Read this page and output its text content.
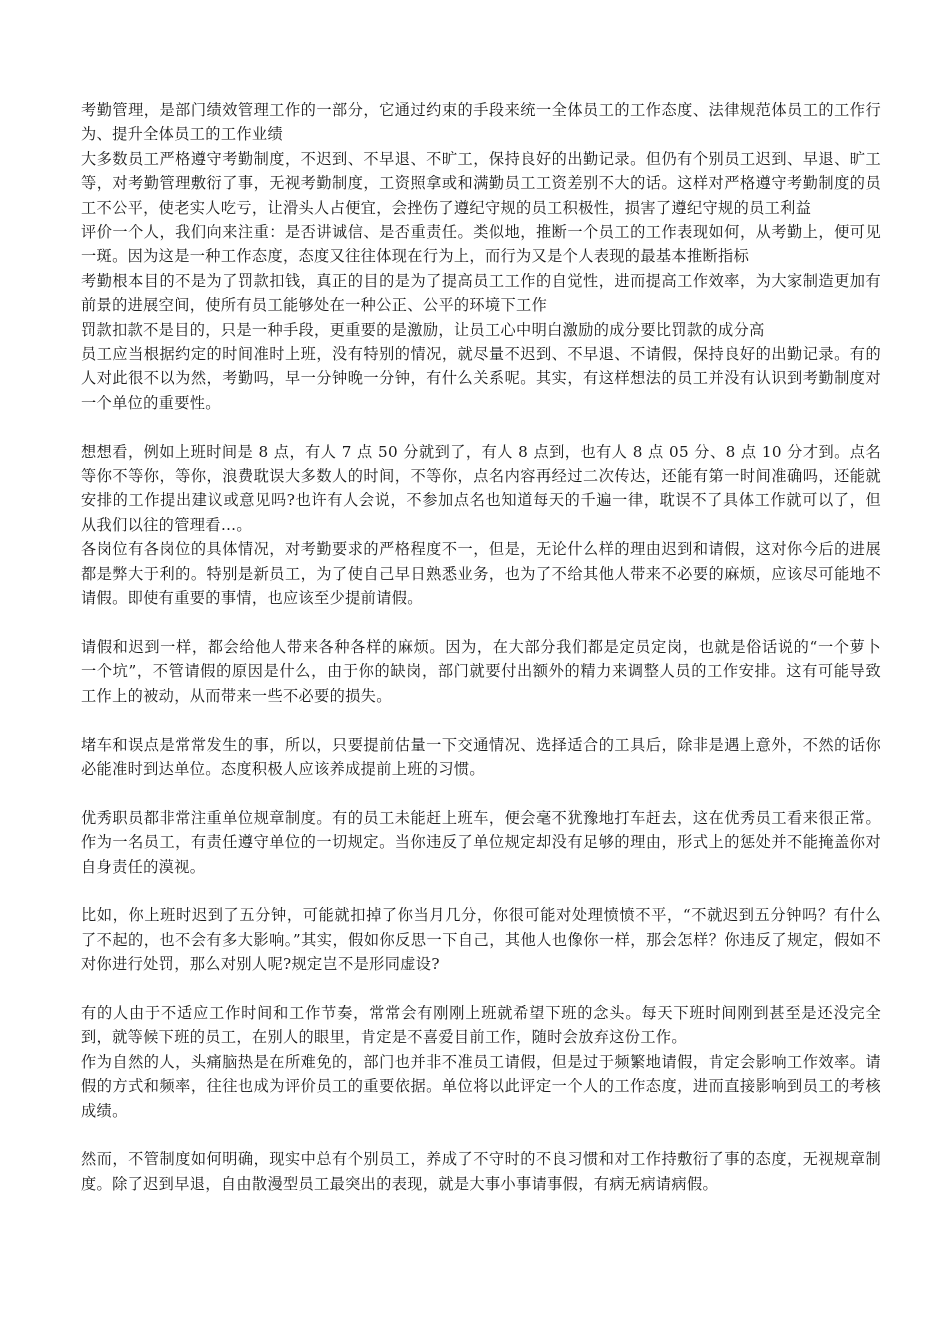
考勤管理，是部门绩效管理工作的一部分，它通过约束的手段来统一全体员工的工作态度、法律规范体员工的工作行为、提升全体员工的工作业绩

大多数员工严格遵守考勤制度，不迟到、不早退、不旷工，保持良好的出勤记录。但仍有个别员工迟到、早退、旷工等，对考勤管理敷衍了事，无视考勤制度，工资照拿或和满勤员工工资差别不大的话。这样对严格遵守考勤制度的员工不公平，使老实人吃亏，让滑头人占便宜，会挫伤了遵纪守规的员工积极性，损害了遵纪守规的员工利益

评价一个人，我们向来注重：是否讲诚信、是否重责任。类似地，推断一个员工的工作表现如何，从考勤上，便可见一斑。因为这是一种工作态度，态度又往往体现在行为上，而行为又是个人表现的最基本推断指标

考勤根本目的不是为了罚款扣钱，真正的目的是为了提高员工工作的自觉性，进而提高工作效率，为大家制造更加有前景的进展空间，使所有员工能够处在一种公正、公平的环境下工作

罚款扣款不是目的，只是一种手段，更重要的是激励，让员工心中明白激励的成分要比罚款的成分高

员工应当根据约定的时间准时上班，没有特别的情况，就尽量不迟到、不早退、不请假，保持良好的出勤记录。有的人对此很不以为然，考勤吗，早一分钟晚一分钟，有什么关系呢。其实，有这样想法的员工并没有认识到考勤制度对一个单位的重要性。

想想看，例如上班时间是 8 点，有人 7 点 50 分就到了，有人 8 点到，也有人 8 点 05 分、8 点 10 分才到。点名等你不等你，等你，浪费耽误大多数人的时间，不等你，点名内容再经过二次传达，还能有第一时间准确吗，还能就安排的工作提出建议或意见吗?也许有人会说，不参加点名也知道每天的千遍一律，耽误不了具体工作就可以了，但从我们以往的管理看…。

各岗位有各岗位的具体情况，对考勤要求的严格程度不一，但是，无论什么样的理由迟到和请假，这对你今后的进展都是弊大于利的。特别是新员工，为了使自己早日熟悉业务，也为了不给其他人带来不必要的麻烦，应该尽可能地不请假。即使有重要的事情，也应该至少提前请假。

请假和迟到一样，都会给他人带来各种各样的麻烦。因为，在大部分我们都是定员定岗，也就是俗话说的“一个萝卜一个坑”，不管请假的原因是什么，由于你的缺岗，部门就要付出额外的精力来调整人员的工作安排。这有可能导致工作上的被动，从而带来一些不必要的损失。

堵车和误点是常常发生的事，所以，只要提前估量一下交通情况、选择适合的工具后，除非是遇上意外，不然的话你必能准时到达单位。态度积极人应该养成提前上班的习惯。

优秀职员都非常注重单位规章制度。有的员工未能赶上班车，便会毫不犹豫地打车赶去，这在优秀员工看来很正常。作为一名员工，有责任遵守单位的一切规定。当你违反了单位规定却没有足够的理由，形式上的惩处并不能掩盖你对自身责任的漠视。

比如，你上班时迟到了五分钟，可能就扣掉了你当月几分，你很可能对处理愤愤不平，“不就迟到五分钟吗？有什么了不起的，也不会有多大影响。”其实，假如你反思一下自己，其他人也像你一样，那会怎样？你违反了规定，假如不对你进行处罚，那么对别人呢?规定岂不是形同虚设?

有的人由于不适应工作时间和工作节奏，常常会有刚刚上班就希望下班的念头。每天下班时间刚到甚至是还没完全到，就等候下班的员工，在别人的眼里，肯定是不喜爱目前工作，随时会放弃这份工作。

作为自然的人，头痛脑热是在所难免的，部门也并非不准员工请假，但是过于频繁地请假，肯定会影响工作效率。请假的方式和频率，往往也成为评价员工的重要依据。单位将以此评定一个人的工作态度，进而直接影响到员工的考核成绩。

然而，不管制度如何明确，现实中总有个别员工，养成了不守时的不良习惯和对工作持敷衍了事的态度，无视规章制度。除了迟到早退，自由散漫型员工最突出的表现，就是大事小事请事假，有病无病请病假。
